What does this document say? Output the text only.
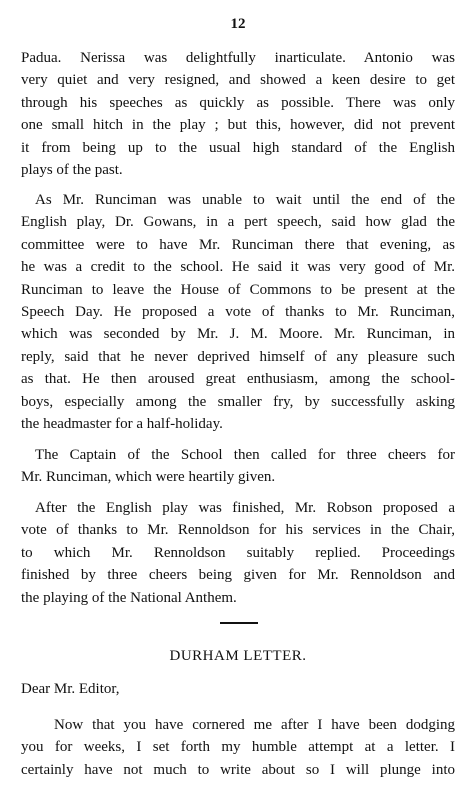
12
Padua. Nerissa was delightfully inarticulate. Antonio was
very quiet and very resigned, and showed a keen desire to get
through his speeches as quickly as possible. There was only
one small hitch in the play ; but this, however, did not prevent
it from being up to the usual high standard of the English
plays of the past.
As Mr. Runciman was unable to wait until the end of the
English play, Dr. Gowans, in a pert speech, said how glad the
committee were to have Mr. Runciman there that evening, as
he was a credit to the school. He said it was very good of Mr.
Runciman to leave the House of Commons to be present at the
Speech Day. He proposed a vote of thanks to Mr. Runciman,
which was seconded by Mr. J. M. Moore. Mr. Runciman, in
reply, said that he never deprived himself of any pleasure such
as that. He then aroused great enthusiasm, among the school-
boys, especially among the smaller fry, by successfully asking
the headmaster for a half-holiday.
The Captain of the School then called for three cheers for
Mr. Runciman, which were heartily given.
After the English play was finished, Mr. Robson proposed a
vote of thanks to Mr. Rennoldson for his services in the Chair,
to which Mr. Rennoldson suitably replied. Proceedings
finished by three cheers being given for Mr. Rennoldson and
the playing of the National Anthem.
DURHAM LETTER.
Dear Mr. Editor,
Now that you have cornered me after I have been dodging
you for weeks, I set forth my humble attempt at a letter. I
certainly have not much to write about so I will plunge into
